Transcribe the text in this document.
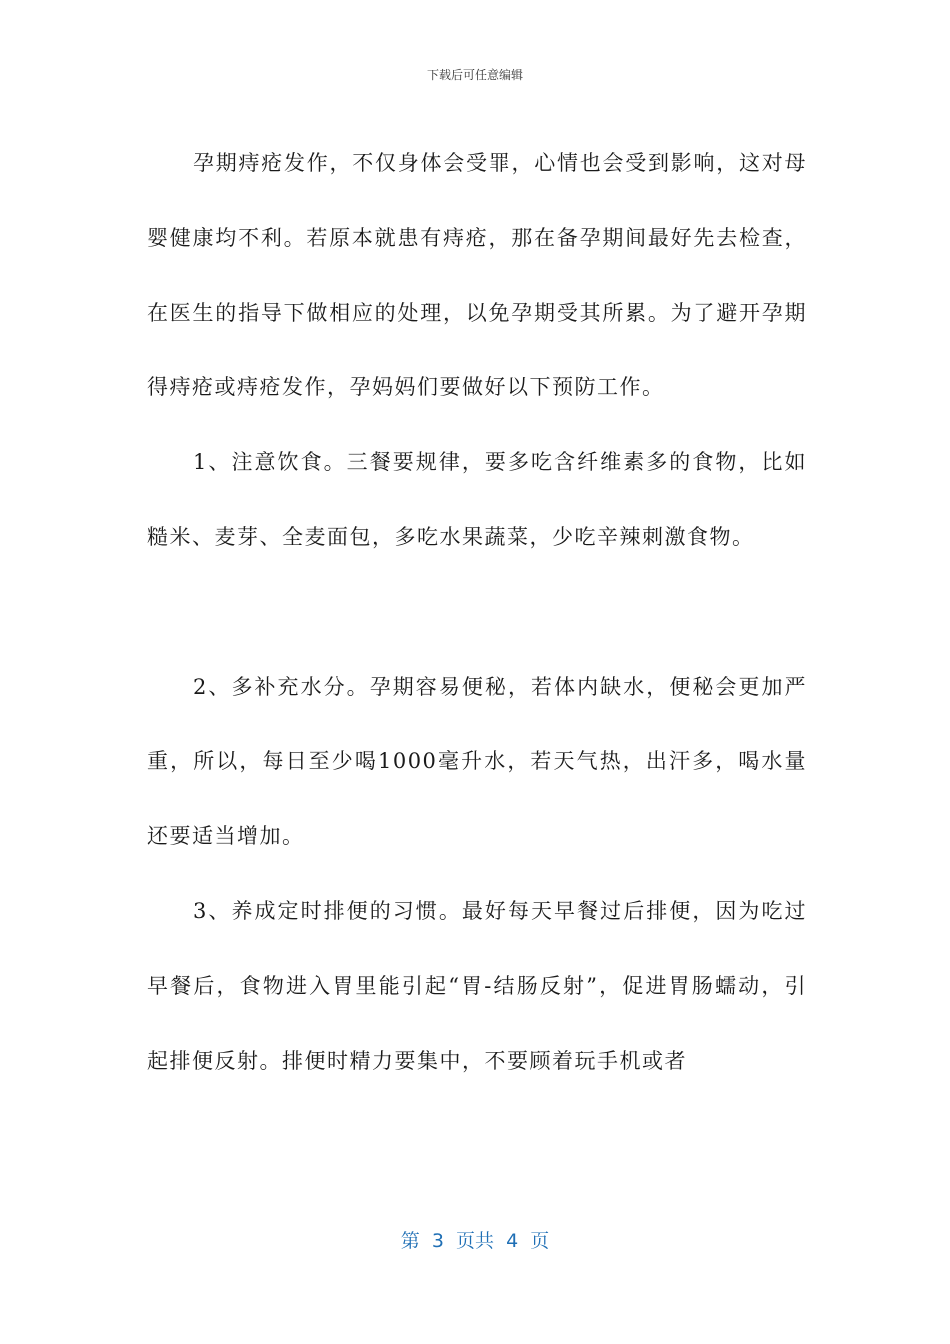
下载后可任意编辑

孕期痔疮发作，不仅身体会受罪，心情也会受到影响，这对母婴健康均不利。若原本就患有痔疮，那在备孕期间最好先去检查，在医生的指导下做相应的处理，以免孕期受其所累。为了避开孕期得痔疮或痔疮发作，孕妈妈们要做好以下预防工作。

1、注意饮食。三餐要规律，要多吃含纤维素多的食物，比如糙米、麦芽、全麦面包，多吃水果蔬菜，少吃辛辣刺激食物。

2、多补充水分。孕期容易便秘，若体内缺水，便秘会更加严重，所以，每日至少喝1000毫升水，若天气热，出汗多，喝水量还要适当增加。

3、养成定时排便的习惯。最好每天早餐过后排便，因为吃过早餐后，食物进入胃里能引起“胃-结肠反射”，促进胃肠蠕动，引起排便反射。排便时精力要集中，不要顾着玩手机或者

第  3  页共  4  页
